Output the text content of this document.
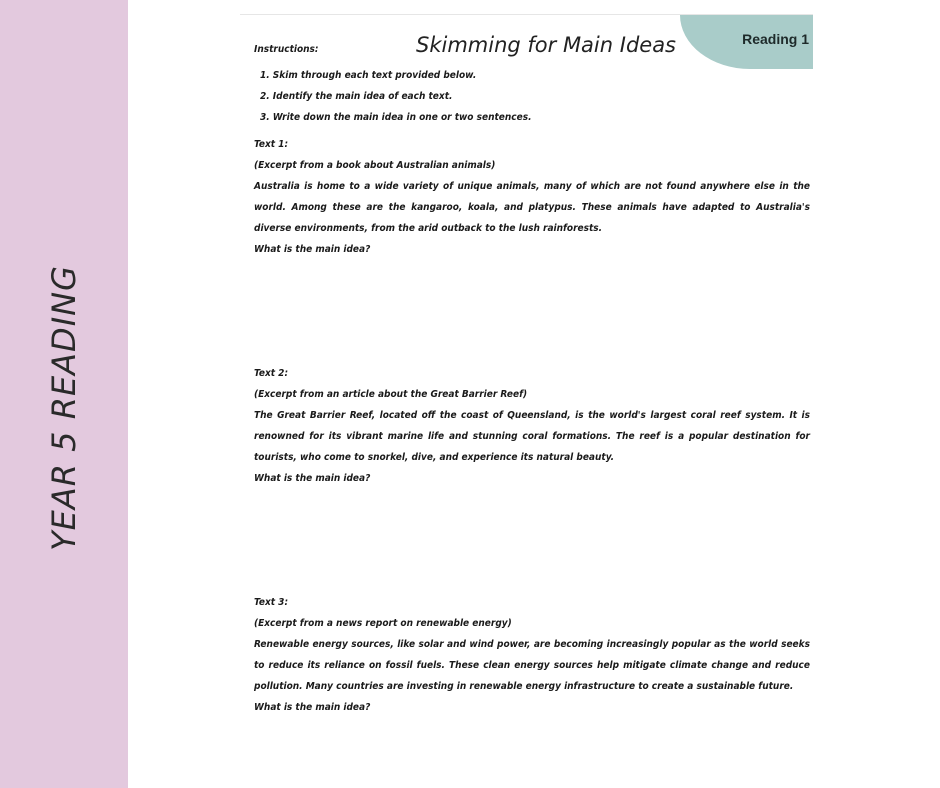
YEAR 5 READING
Reading 1
Skimming for Main Ideas
Instructions:
1. Skim through each text provided below.
2. Identify the main idea of each text.
3. Write down the main idea in one or two sentences.
Text 1:
(Excerpt from a book about Australian animals)
Australia is home to a wide variety of unique animals, many of which are not found anywhere else in the world. Among these are the kangaroo, koala, and platypus. These animals have adapted to Australia's diverse environments, from the arid outback to the lush rainforests.
What is the main idea?
Text 2:
(Excerpt from an article about the Great Barrier Reef)
The Great Barrier Reef, located off the coast of Queensland, is the world's largest coral reef system. It is renowned for its vibrant marine life and stunning coral formations. The reef is a popular destination for tourists, who come to snorkel, dive, and experience its natural beauty.
What is the main idea?
Text 3:
(Excerpt from a news report on renewable energy)
Renewable energy sources, like solar and wind power, are becoming increasingly popular as the world seeks to reduce its reliance on fossil fuels. These clean energy sources help mitigate climate change and reduce pollution. Many countries are investing in renewable energy infrastructure to create a sustainable future.
What is the main idea?
